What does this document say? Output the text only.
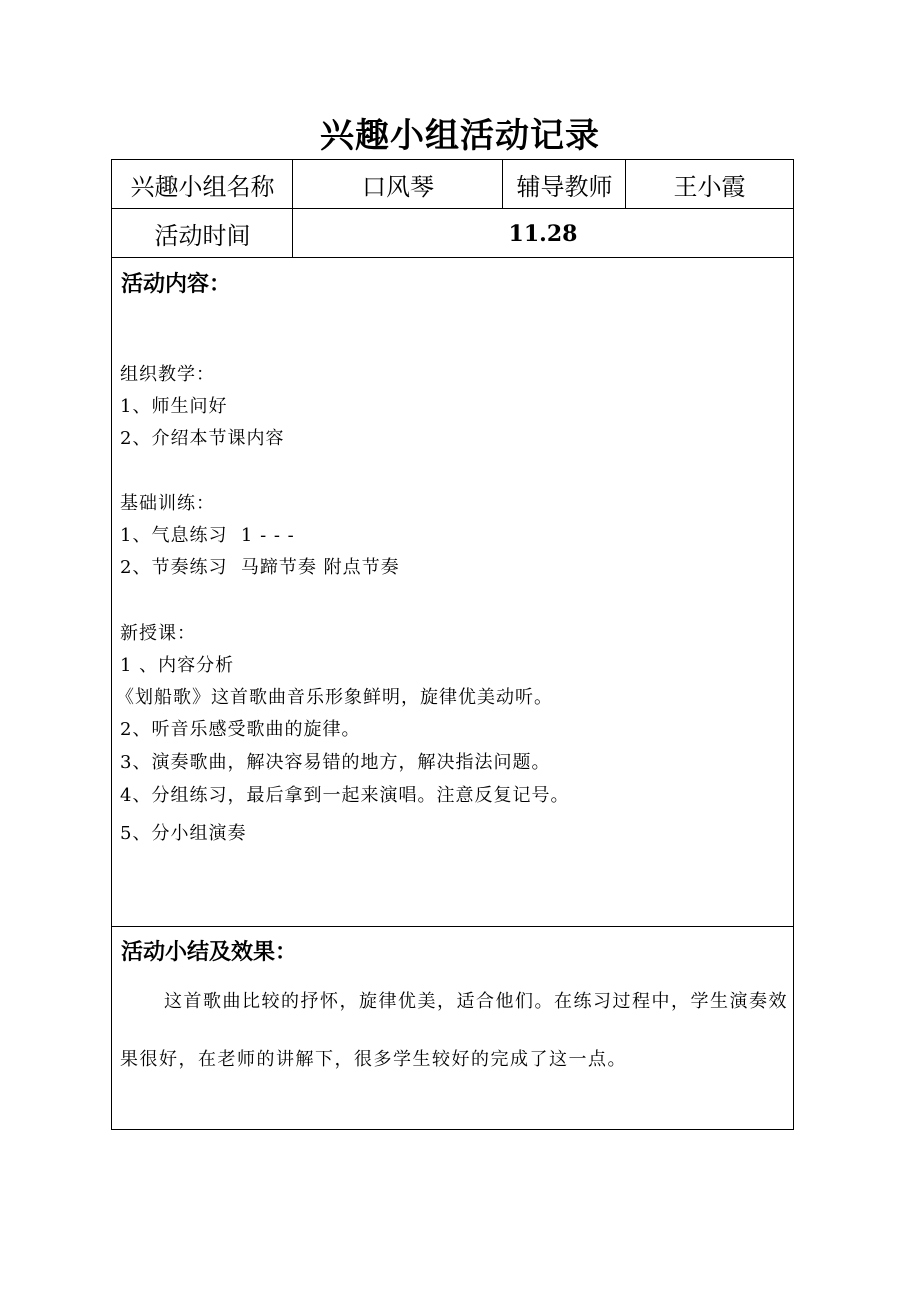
兴趣小组活动记录
兴趣小组名称	口风琴	辅导教师	王小霞
活动时间	11.28
活动内容：
组织教学：
1、师生问好
2、介绍本节课内容
基础训练：
1、气息练习  1 - - -
2、节奏练习  马蹄节奏 附点节奏
新授课：
1 、内容分析
《划船歌》这首歌曲音乐形象鲜明，旋律优美动听。
2、听音乐感受歌曲的旋律。
3、演奏歌曲，解决容易错的地方，解决指法问题。
4、分组练习，最后拿到一起来演唱。注意反复记号。
5、分小组演奏
活动小结及效果：
这首歌曲比较的抒怀，旋律优美，适合他们。在练习过程中，学生演奏效果很好，在老师的讲解下，很多学生较好的完成了这一点。
